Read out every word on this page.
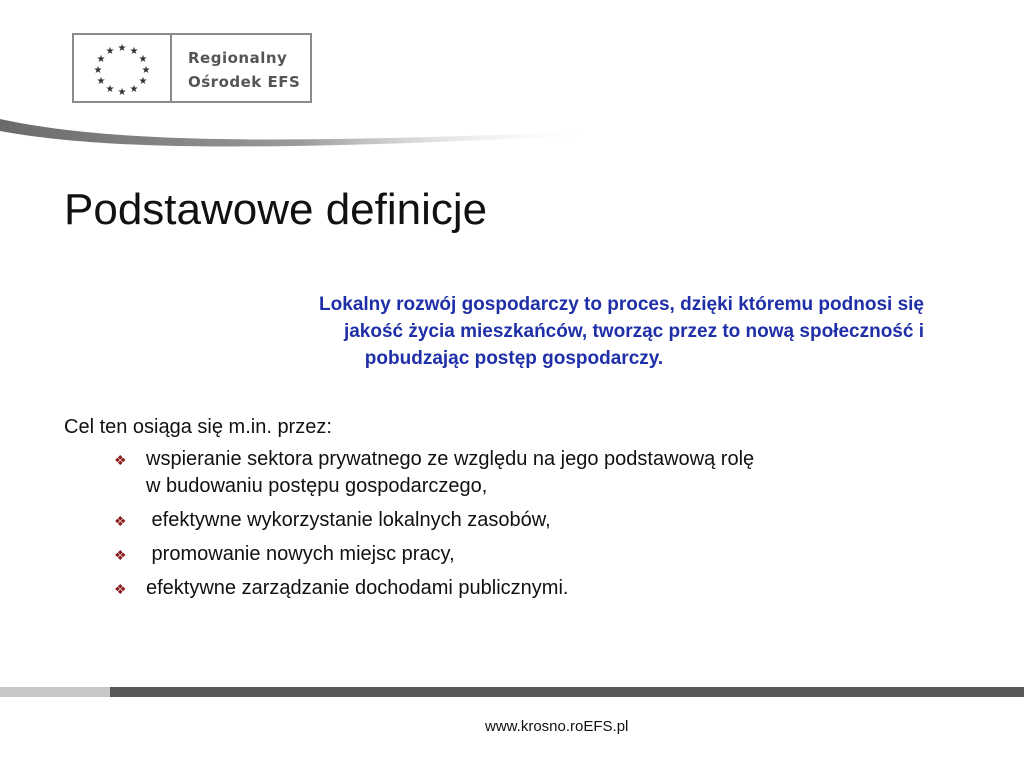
★ ★
★
★
★
★
★
★
★
★
★
★	Regionalny
Ośrodek EFS
Podstawowe definicje
Lokalny rozwój gospodarczy to proces, dzięki któremu podnosi się
jakość życia mieszkańców, tworząc przez to nową społeczność i
pobudzając postęp gospodarczy.
Cel ten osiąga się m.in. przez:
❖ wspieranie sektora prywatnego ze względu na jego podstawową rolę
w budowaniu postępu gospodarczego,
❖ efektywne wykorzystanie lokalnych zasobów,
❖ promowanie nowych miejsc pracy,
❖ efektywne zarządzanie dochodami publicznymi.
www.krosno.roEFS.pl
